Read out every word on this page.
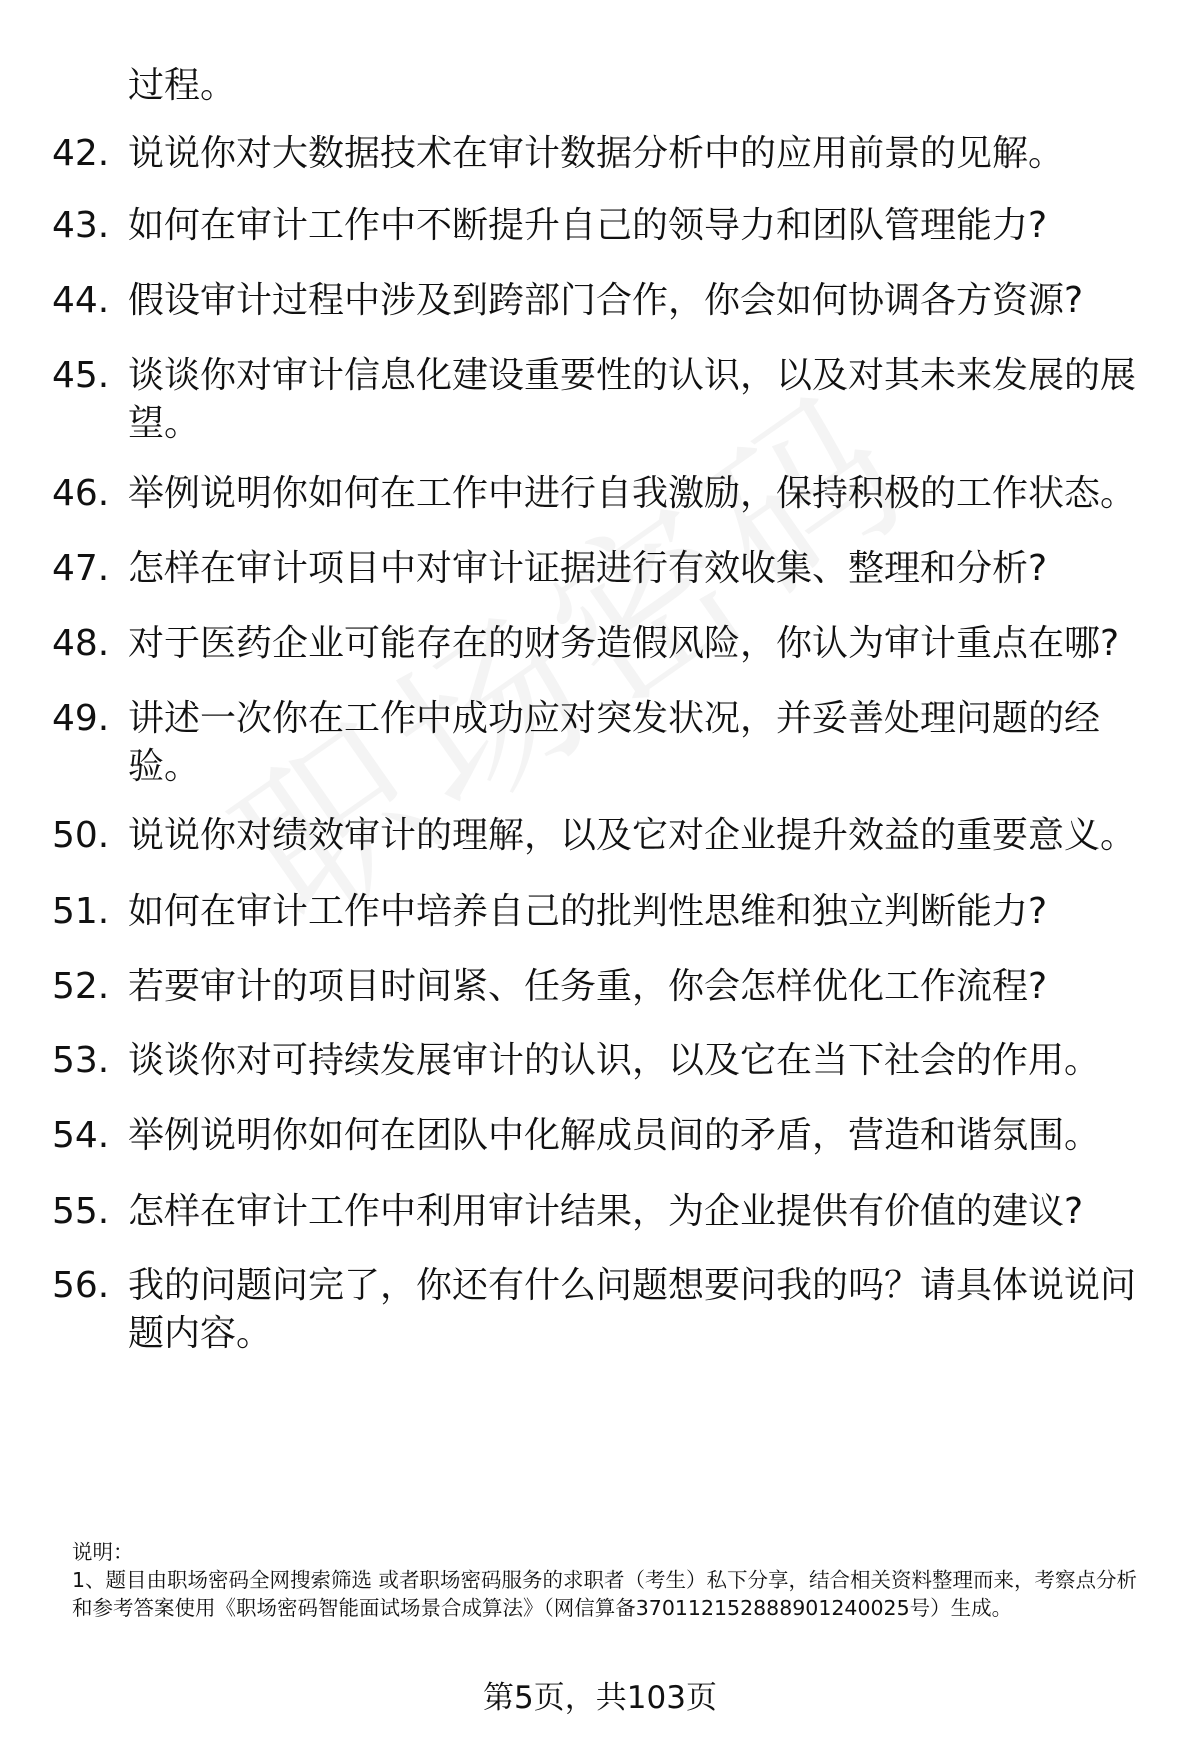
过程。
42. 说说你对大数据技术在审计数据分析中的应用前景的见解。
43. 如何在审计工作中不断提升自己的领导力和团队管理能力?
44. 假设审计过程中涉及到跨部门合作，你会如何协调各方资源?
45. 谈谈你对审计信息化建设重要性的认识，以及对其未来发展的展望。
46. 举例说明你如何在工作中进行自我激励，保持积极的工作状态。
47. 怎样在审计项目中对审计证据进行有效收集、整理和分析?
48. 对于医药企业可能存在的财务造假风险，你认为审计重点在哪?
49. 讲述一次你在工作中成功应对突发状况，并妥善处理问题的经验。
50. 说说你对绩效审计的理解，以及它对企业提升效益的重要意义。
51. 如何在审计工作中培养自己的批判性思维和独立判断能力?
52. 若要审计的项目时间紧、任务重，你会怎样优化工作流程?
53. 谈谈你对可持续发展审计的认识，以及它在当下社会的作用。
54. 举例说明你如何在团队中化解成员间的矛盾，营造和谐氛围。
55. 怎样在审计工作中利用审计结果，为企业提供有价值的建议?
56. 我的问题问完了，你还有什么问题想要问我的吗？请具体说说问题内容。

说明：

1、题目由职场密码全网搜索筛选 或者职场密码服务的求职者（考生）私下分享，结合相关资料整理而来，考察点分析和参考答案使用《职场密码智能面试场景合成算法》（网信算备370112152888901240025号）生成。

第5页，共103页
